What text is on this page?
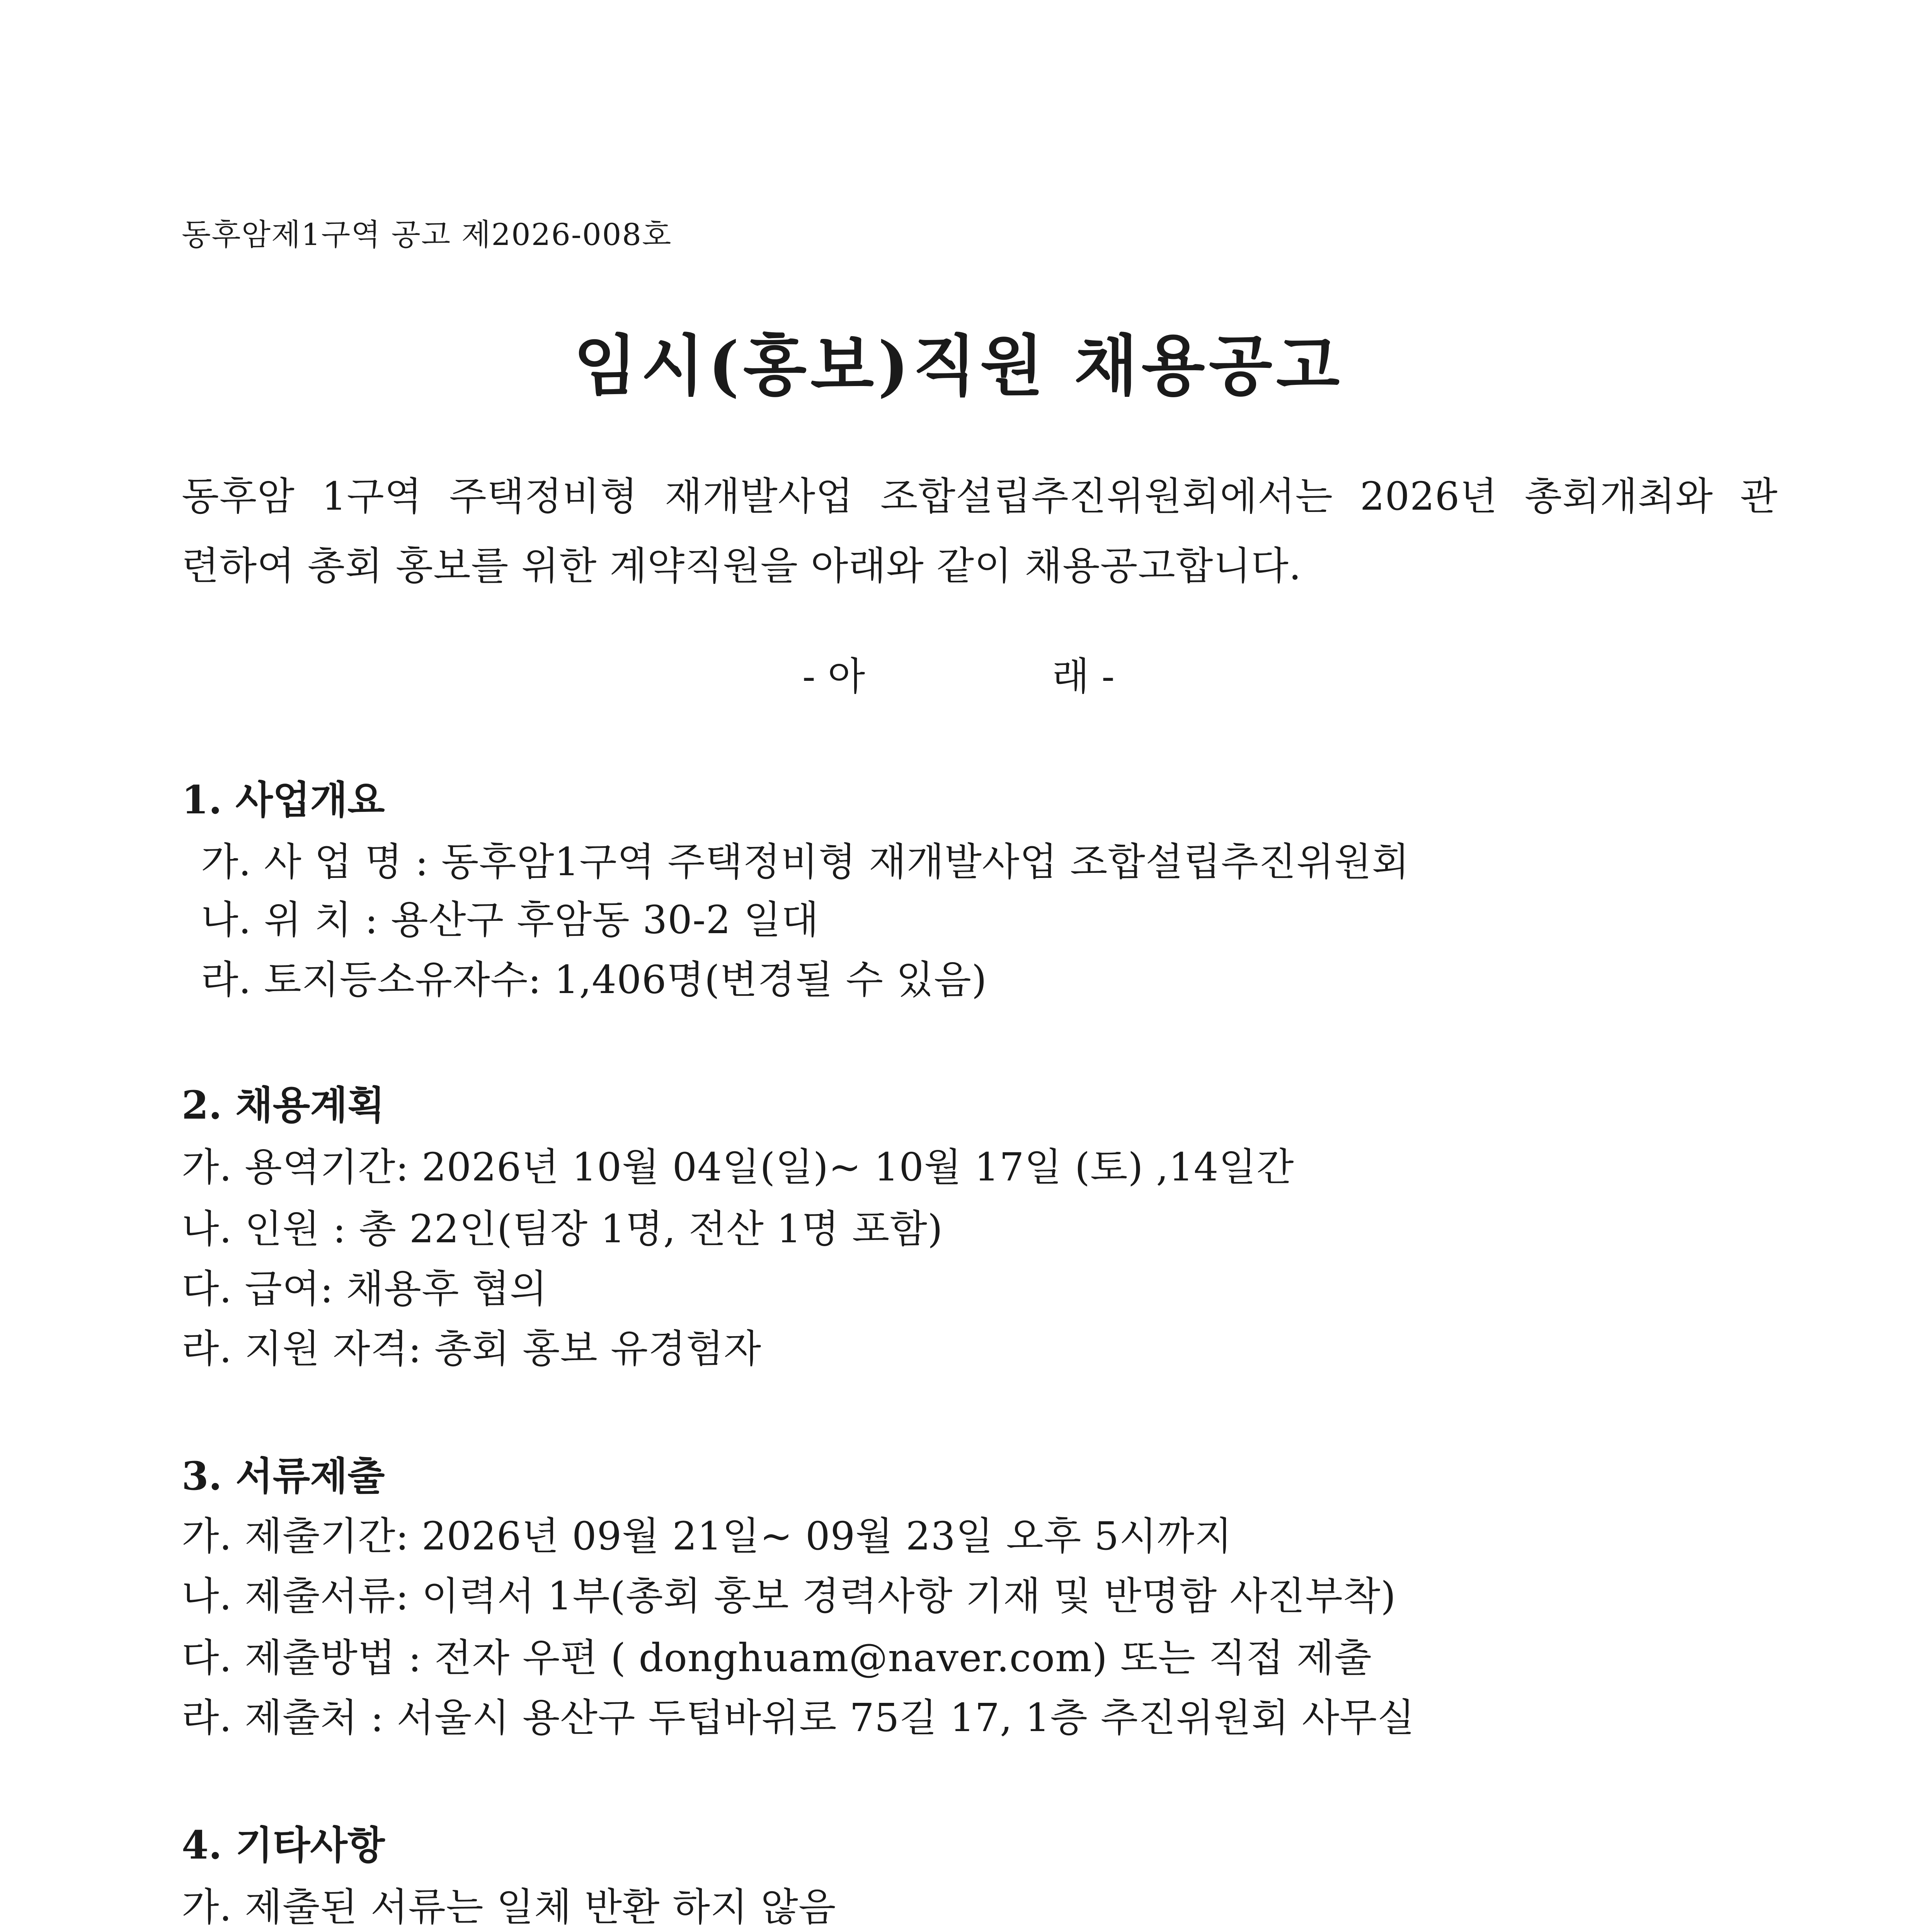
동후암제1구역 공고 제2026-008호
임시(홍보)직원 채용공고
동후암 1구역 주택정비형 재개발사업 조합설립추진위원회에서는 2026년 총회개최와 관
련하여 총회 홍보를 위한 계약직원을 아래와 같이 채용공고합니다.
- 아	래 -
1. 사업개요
가. 사 업 명 : 동후암1구역 주택정비형 재개발사업 조합설립추진위원회
나. 위 치 : 용산구 후암동 30-2 일대
라. 토지등소유자수: 1,406명(변경될 수 있음)
2. 채용계획
가. 용역기간: 2026년 10월 04일(일)~ 10월 17일 (토) ,14일간
나. 인원 : 총 22인(팀장 1명, 전산 1명 포함)
다. 급여: 채용후 협의
라. 지원 자격: 총회 홍보 유경험자
3. 서류제출
가. 제출기간: 2026년 09월 21일~ 09월 23일 오후 5시까지
나. 제출서류: 이력서 1부(총회 홍보 경력사항 기재 및 반명함 사진부착)
다. 제출방법 : 전자 우편 ( donghuam@naver.com) 또는 직접 제출
라. 제출처 : 서울시 용산구 두텁바위로 75길 17, 1층 추진위원회 사무실
4. 기타사항
가. 제출된 서류는 일체 반환 하지 않음
